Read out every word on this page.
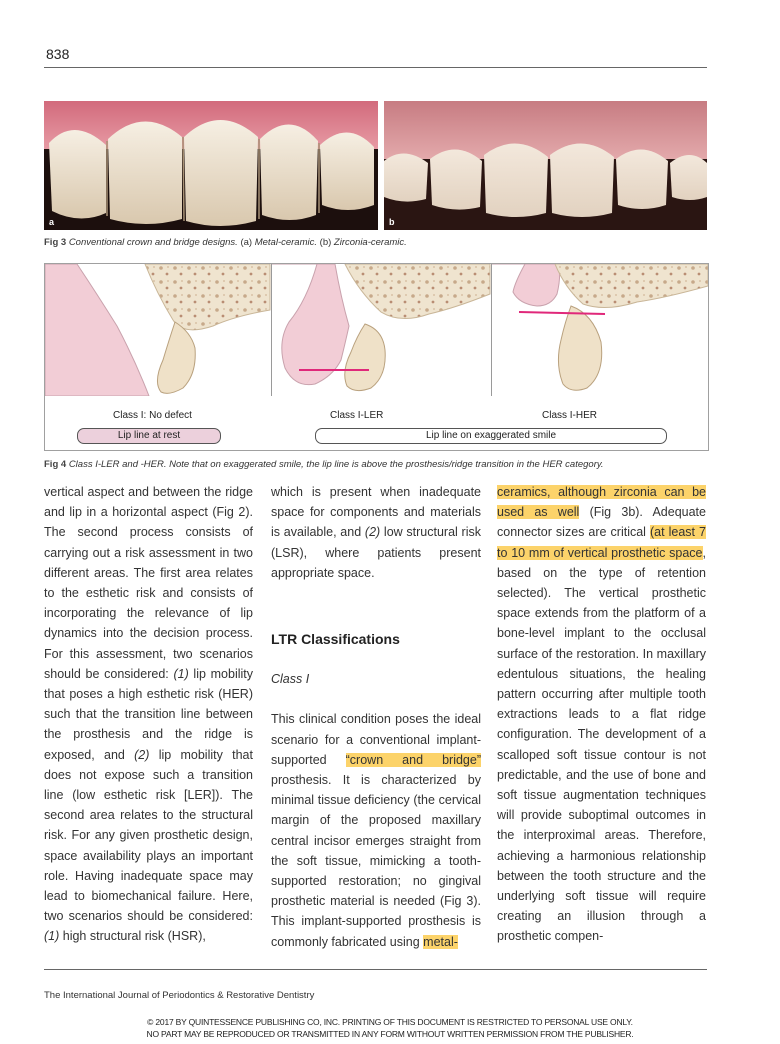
838
a	b
Fig 3 Conventional crown and bridge designs. (a) Metal-ceramic. (b) Zirconia-ceramic.
Class I: No defect	Class I-LER	Class I-HER
Lip line at rest	Lip line on exaggerated smile
Fig 4 Class I-LER and -HER. Note that on exaggerated smile, the lip line is above the prosthesis/ridge transition in the HER category.

vertical aspect and between the ridge and lip in a horizontal aspect (Fig 2). The second process consists of carrying out a risk assessment in two different areas. The first area relates to the esthetic risk and consists of incorporating the relevance of lip dynamics into the decision process. For this assessment, two scenarios should be considered: (1) lip mobility that poses a high esthetic risk (HER) such that the transition line between the prosthesis and the ridge is exposed, and (2) lip mobility that does not expose such a transition line (low esthetic risk [LER]). The second area relates to the structural risk. For any given prosthetic design, space availability plays an important role. Having inadequate space may lead to biomechanical failure. Here, two scenarios should be considered: (1) high structural risk (HSR),

which is present when inadequate space for components and materials is available, and (2) low structural risk (LSR), where patients present appropriate space.

LTR Classifications

Class I

This clinical condition poses the ideal scenario for a conventional implant-supported “crown and bridge” prosthesis. It is characterized by minimal tissue deficiency (the cervical margin of the proposed maxillary central incisor emerges straight from the soft tissue, mimicking a tooth-supported restoration; no gingival prosthetic material is needed (Fig 3). This implant-supported prosthesis is commonly fabricated using metal-

ceramics, although zirconia can be used as well (Fig 3b). Adequate connector sizes are critical (at least 7 to 10 mm of vertical prosthetic space, based on the type of retention selected). The vertical prosthetic space extends from the platform of a bone-level implant to the occlusal surface of the restoration. In maxillary edentulous situations, the healing pattern occurring after multiple tooth extractions leads to a flat ridge configuration. The development of a scalloped soft tissue contour is not predictable, and the use of bone and soft tissue augmentation techniques will provide suboptimal outcomes in the interproximal areas. Therefore, achieving a harmonious relationship between the tooth structure and the underlying soft tissue will require creating an illusion through a prosthetic compen-

The International Journal of Periodontics & Restorative Dentistry
© 2017 BY QUINTESSENCE PUBLISHING CO, INC. PRINTING OF THIS DOCUMENT IS RESTRICTED TO PERSONAL USE ONLY.
NO PART MAY BE REPRODUCED OR TRANSMITTED IN ANY FORM WITHOUT WRITTEN PERMISSION FROM THE PUBLISHER.
